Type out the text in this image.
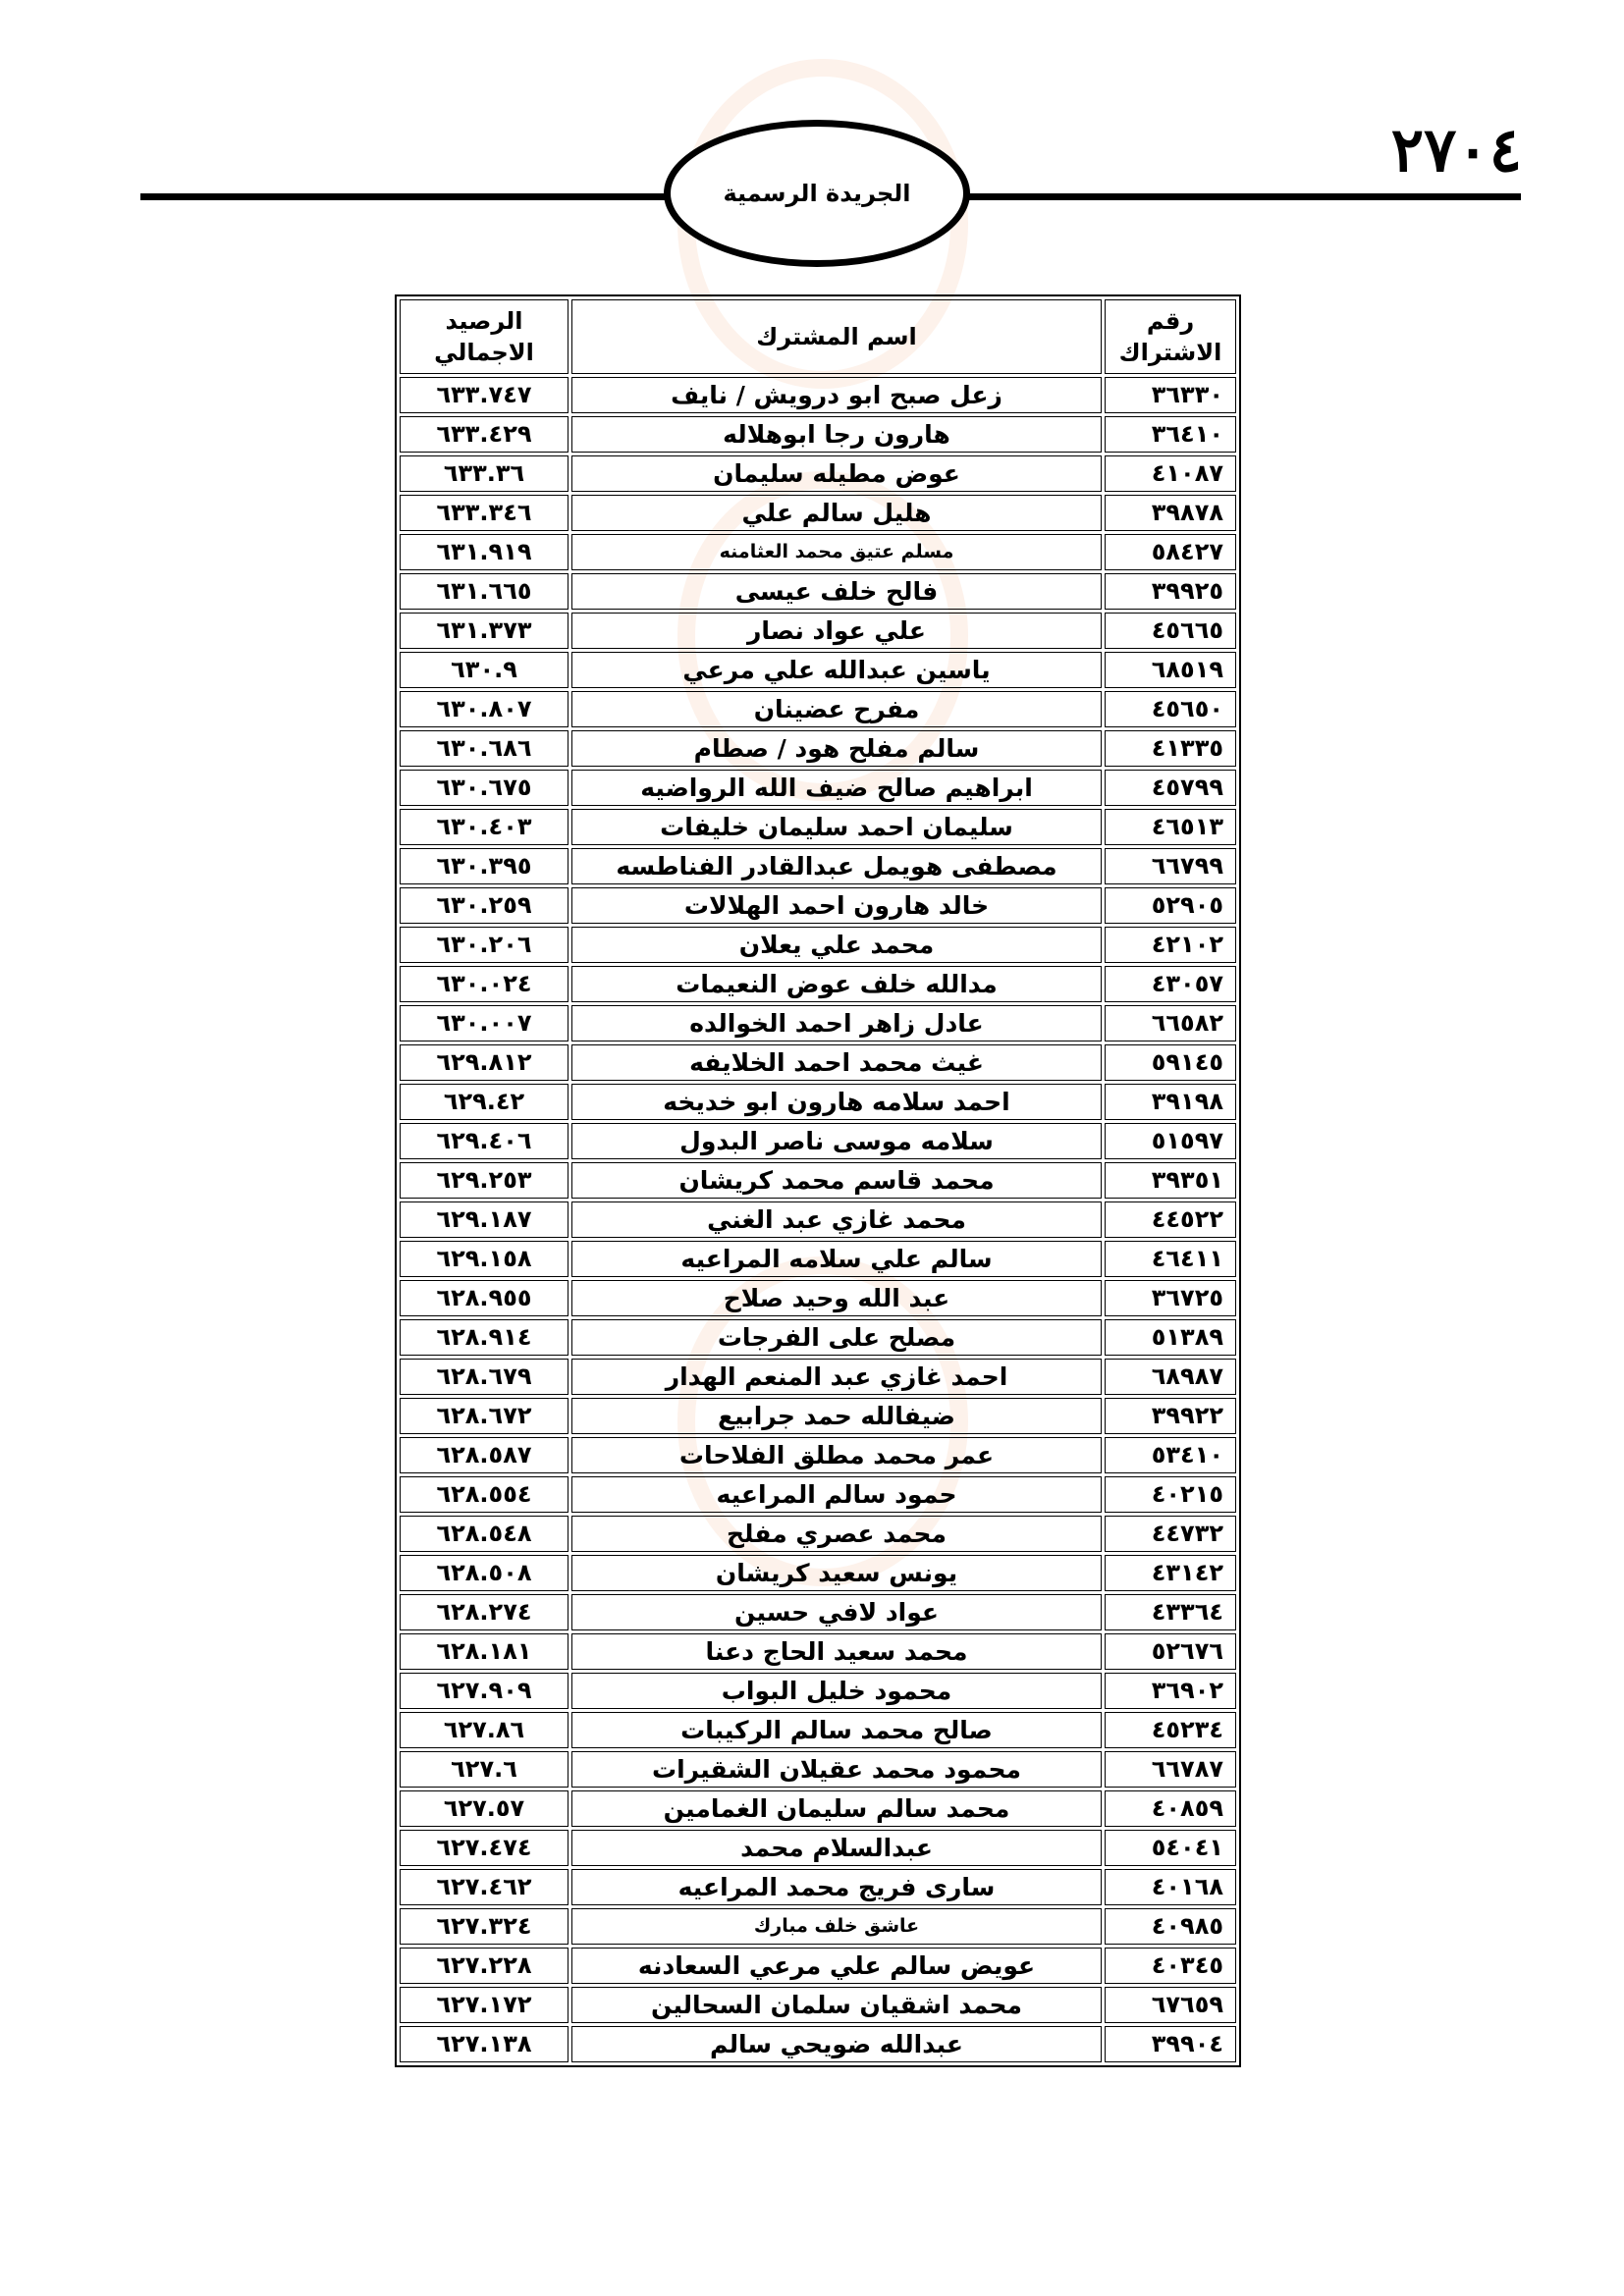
٢٧٠٤
الجريدة الرسمية
رقم الاشتراك	اسم المشترك	الرصيد الاجمالي
٣٦٣٣٠	زعل صبح ابو درويش / نايف	٦٣٣.٧٤٧
٣٦٤١٠	هارون رجا ابوهلاله	٦٣٣.٤٢٩
٤١٠٨٧	عوض مطيله سليمان	٦٣٣.٣٦
٣٩٨٧٨	هليل سالم علي	٦٣٣.٣٤٦
٥٨٤٢٧	مسلم عتيق محمد العثامنه	٦٣١.٩١٩
٣٩٩٢٥	فالح خلف عيسى	٦٣١.٦٦٥
٤٥٦٦٥	علي عواد نصار	٦٣١.٣٧٣
٦٨٥١٩	ياسين عبدالله علي مرعي	٦٣٠.٩
٤٥٦٥٠	مفرح عضينان	٦٣٠.٨٠٧
٤١٣٣٥	سالم مفلح هود / صطام	٦٣٠.٦٨٦
٤٥٧٩٩	ابراهيم صالح ضيف الله الرواضيه	٦٣٠.٦٧٥
٤٦٥١٣	سليمان احمد سليمان خليفات	٦٣٠.٤٠٣
٦٦٧٩٩	مصطفى هويمل عبدالقادر الفناطسه	٦٣٠.٣٩٥
٥٢٩٠٥	خالد هارون احمد الهلالات	٦٣٠.٢٥٩
٤٢١٠٢	محمد علي يعلان	٦٣٠.٢٠٦
٤٣٠٥٧	مدالله خلف عوض النعيمات	٦٣٠.٠٢٤
٦٦٥٨٢	عادل زاهر احمد الخوالده	٦٣٠.٠٠٧
٥٩١٤٥	غيث محمد احمد الخلايفه	٦٢٩.٨١٢
٣٩١٩٨	احمد سلامه هارون ابو خديخه	٦٢٩.٤٢
٥١٥٩٧	سلامه موسى ناصر البدول	٦٢٩.٤٠٦
٣٩٣٥١	محمد قاسم محمد كريشان	٦٢٩.٢٥٣
٤٤٥٢٢	محمد غازي عبد الغني	٦٢٩.١٨٧
٤٦٤١١	سالم علي سلامه المراعيه	٦٢٩.١٥٨
٣٦٧٢٥	عبد الله وحيد صلاح	٦٢٨.٩٥٥
٥١٣٨٩	مصلح على الفرجات	٦٢٨.٩١٤
٦٨٩٨٧	احمد غازي عبد المنعم الهدار	٦٢٨.٦٧٩
٣٩٩٢٢	ضيفالله حمد جرابيع	٦٢٨.٦٧٢
٥٣٤١٠	عمر محمد مطلق الفلاحات	٦٢٨.٥٨٧
٤٠٢١٥	حمود سالم المراعيه	٦٢٨.٥٥٤
٤٤٧٣٢	محمد عصري مفلح	٦٢٨.٥٤٨
٤٣١٤٢	يونس سعيد كريشان	٦٢٨.٥٠٨
٤٣٣٦٤	عواد لافي حسين	٦٢٨.٢٧٤
٥٢٦٧٦	محمد سعيد الحاج دعنا	٦٢٨.١٨١
٣٦٩٠٢	محمود خليل البواب	٦٢٧.٩٠٩
٤٥٢٣٤	صالح محمد سالم الركيبات	٦٢٧.٨٦
٦٦٧٨٧	محمود محمد عقيلان الشقيرات	٦٢٧.٦
٤٠٨٥٩	محمد سالم سليمان الغمامين	٦٢٧.٥٧
٥٤٠٤١	عبدالسلام محمد	٦٢٧.٤٧٤
٤٠١٦٨	سارى فريج محمد المراعيه	٦٢٧.٤٦٢
٤٠٩٨٥	عاشق خلف مبارك	٦٢٧.٣٢٤
٤٠٣٤٥	عويض سالم علي مرعي السعادنه	٦٢٧.٢٢٨
٦٧٦٥٩	محمد اشقيان سلمان السحالين	٦٢٧.١٧٢
٣٩٩٠٤	عبدالله ضويحي سالم	٦٢٧.١٣٨
